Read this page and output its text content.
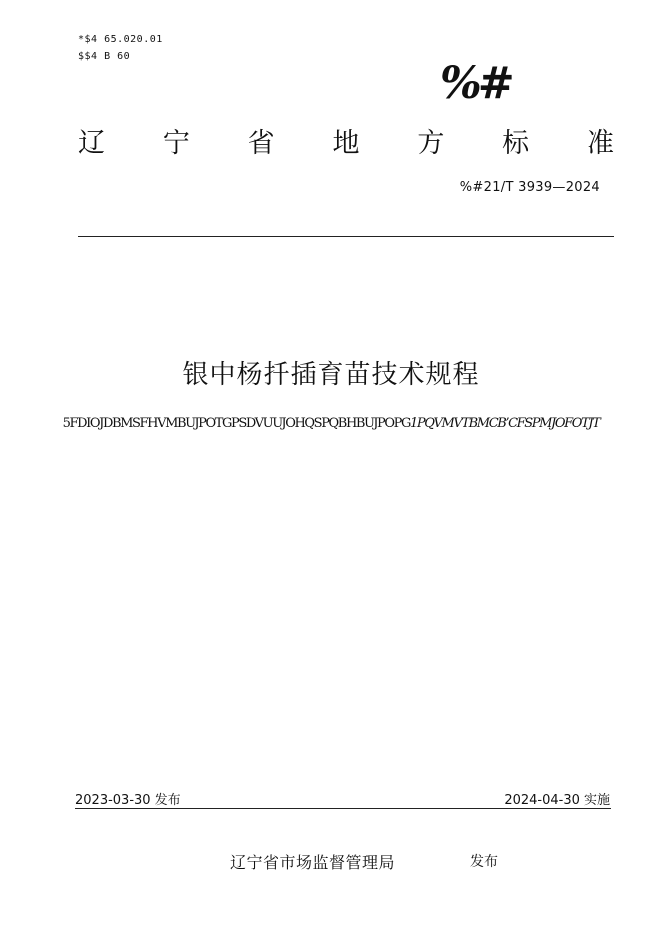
*$4 65.020.01
$$4 B 60
%#
辽 宁 省 地 方 标 准
%#21/T 3939—2024
银中杨扦插育苗技术规程
5FDIOJDBMSFHVMBUJPOTGPSDVUUJOHQSPQBHBUJPOPG1PQVMVTBMCB’CFSPMJOFOTJT
2023-03-30 发布	2024-04-30 实施
辽宁省市场监督管理局	发布
